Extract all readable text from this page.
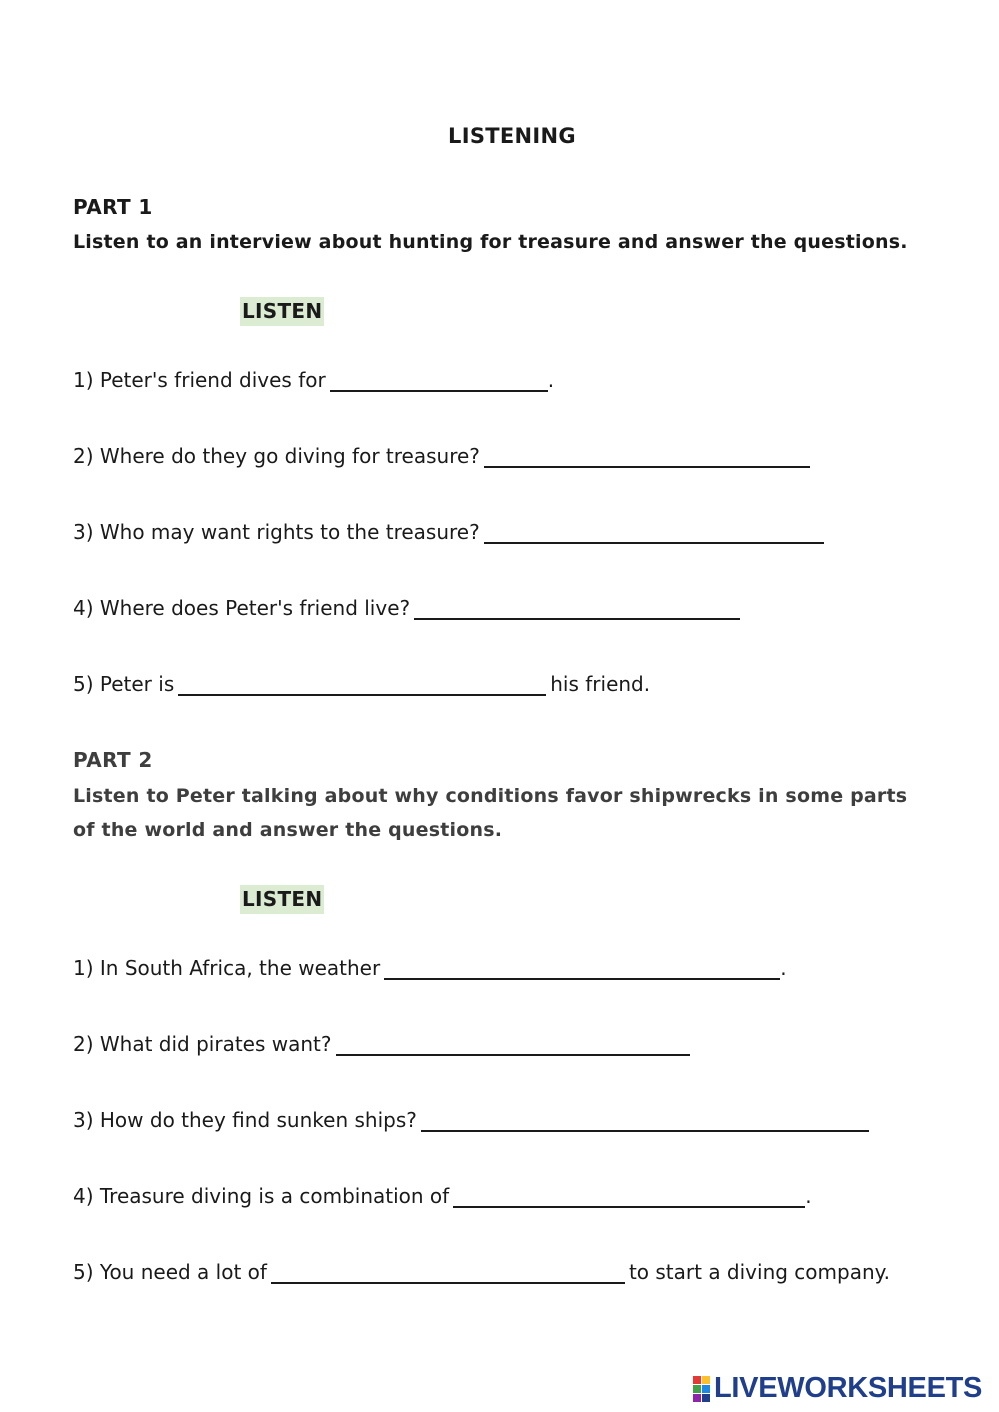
LISTENING
PART 1
Listen to an interview about hunting for treasure and answer the questions.
LISTEN
1) Peter's friend dives for	.
2) Where do they go diving for treasure?
3) Who may want rights to the treasure?
4) Where does Peter's friend live?
5) Peter is	his friend.
PART 2
Listen to Peter talking about why conditions favor shipwrecks in some parts of the world and answer the questions.
LISTEN
1) In South Africa, the weather	.
2) What did pirates want?
3) How do they find sunken ships?
4) Treasure diving is a combination of	.
5) You need a lot of	to start a diving company.
LIVEWORKSHEETS
